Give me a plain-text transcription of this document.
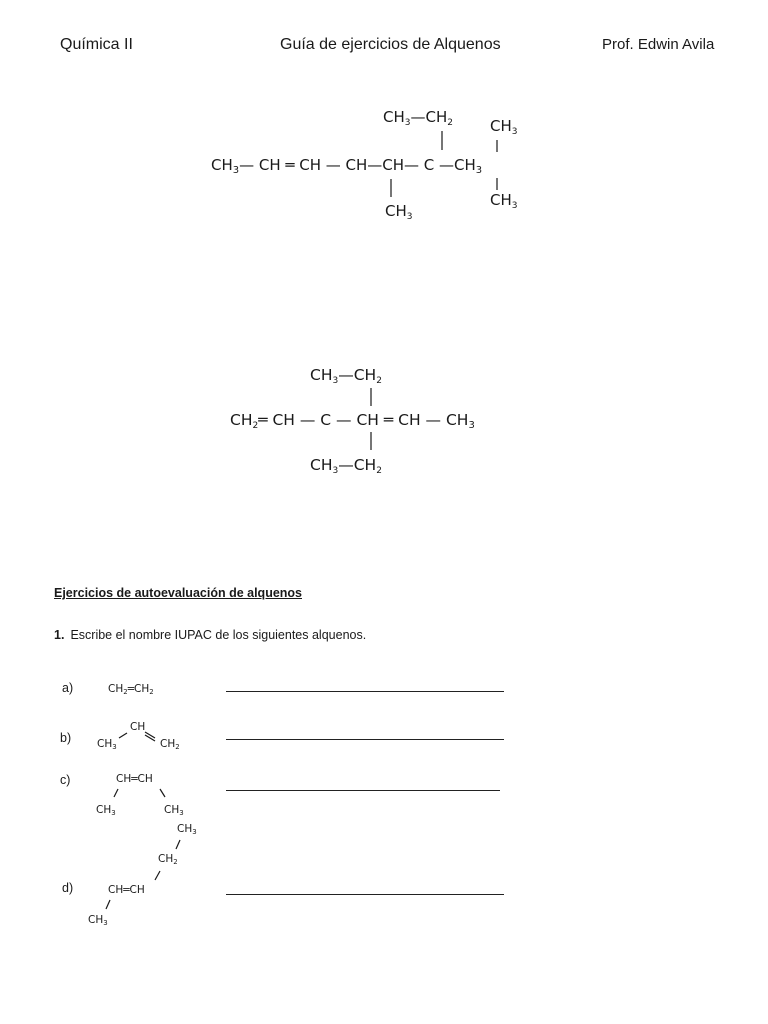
Química II	Guía de ejercicios de Alquenos	Prof. Edwin Avila
$CH_3—CH_2$ $CH_3$
$CH_3—$ CH ═ CH — CH—CH— C $—CH_3$
$CH_3$
$CH_3$
CH3—CH2
CH2═ CH — C — CH ═ CH — CH3
CH3—CH2
Ejercicios de autoevaluación de alquenos
1. Escribe el nombre IUPAC de los siguientes alquenos.
a)
b)
c)
d)
CH2═CH2
CH
CH3	CH2
CH═CH
CH3	CH3
CH3
CH2
CH═CH
CH3
